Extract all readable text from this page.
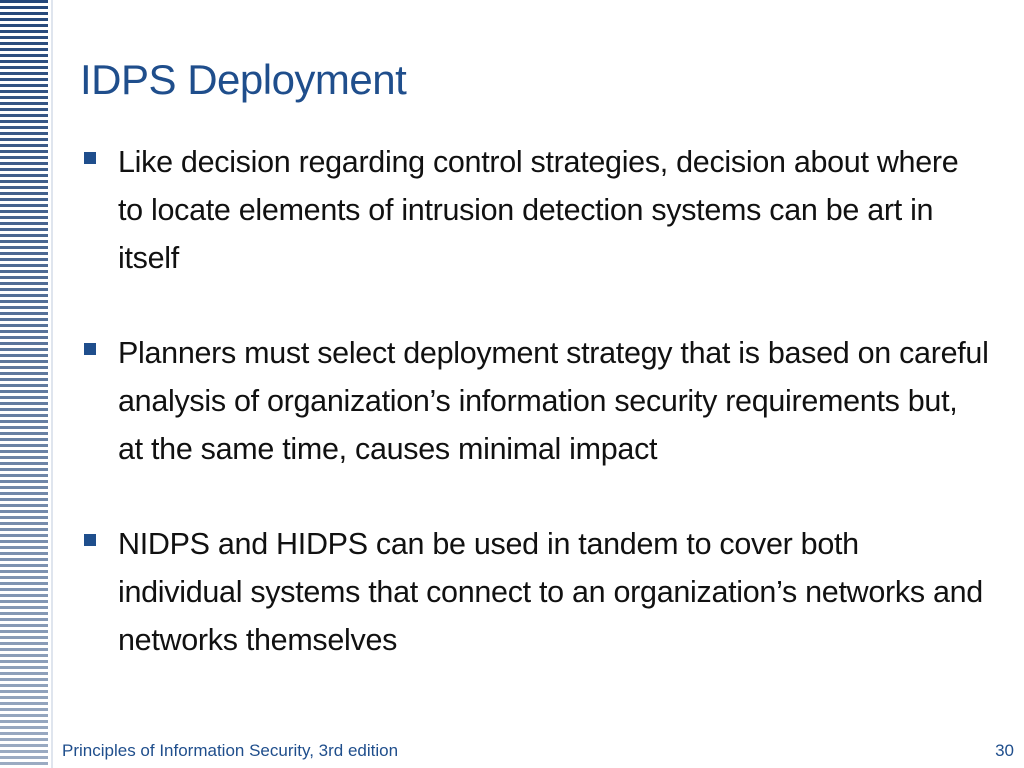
IDPS Deployment
Like decision regarding control strategies, decision about where to locate elements of intrusion detection systems can be art in itself
Planners must select deployment strategy that is based on careful analysis of organization’s information security requirements but, at the same time, causes minimal impact
NIDPS and HIDPS can be used in tandem to cover both individual systems that connect to an organization’s networks and networks themselves
Principles of Information Security, 3rd edition	30
